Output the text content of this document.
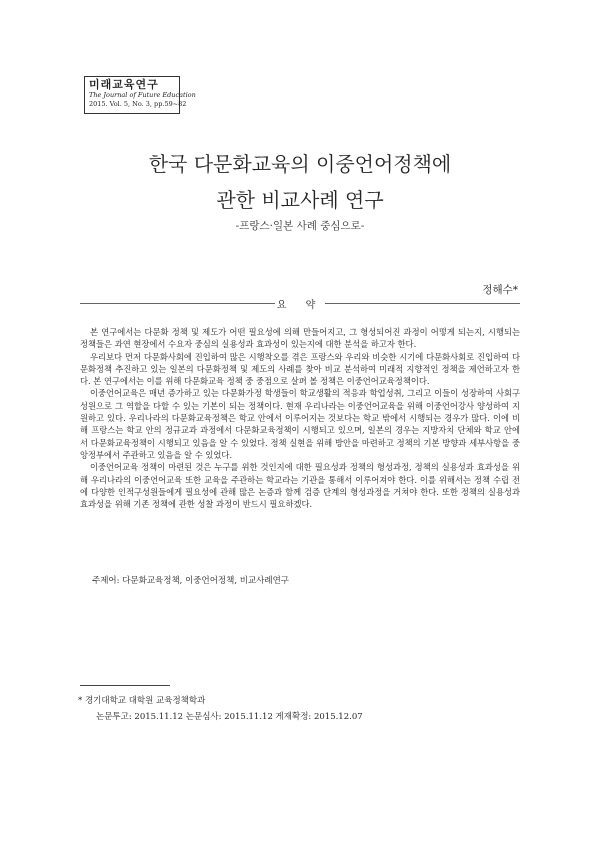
미래교육연구
The Journal of Future Education
2015. Vol. 5, No. 3, pp.59~82
한국 다문화교육의 이중언어정책에
관한 비교사례 연구
-프랑스·일본 사례 중심으로-
정해수*
요 약

본 연구에서는 다문화 정책 및 제도가 어떤 필요성에 의해 만들어지고, 그 형성되어진 과정이 어떻게 되는지, 시행되는 정책들은 과연 현장에서 수요자 중심의 실용성과 효과성이 있는지에 대한 분석을 하고자 한다.

우리보다 먼저 다문화사회에 진입하여 많은 시행착오를 겪은 프랑스와 우리와 비슷한 시기에 다문화사회로 진입하여 다문화정책 추진하고 있는 일본의 다문화정책 및 제도의 사례를 찾아 비교 분석하여 미래적 지향적인 정책을 제언하고자 한다. 본 연구에서는 이를 위해 다문화교육 정책 중 중점으로 살펴 볼 정책은 이중언어교육정책이다.

이중언어교육은 매년 증가하고 있는 다문화가정 학생들이 학교생활의 적응과 학업성취, 그리고 이들이 성장하여 사회구성원으로 그 역할을 다할 수 있는 기본이 되는 정책이다. 현재 우리나라는 이중언어교육을 위해 이중언어강사 양성하여 지원하고 있다. 우리나라의 다문화교육정책은 학교 안에서 이루어지는 것보다는 학교 밖에서 시행되는 경우가 많다. 이에 비해 프랑스는 학교 안의 정규교과 과정에서 다문화교육정책이 시행되고 있으며, 일본의 경우는 지방자치 단체와 학교 안에서 다문화교육정책이 시행되고 있음을 알 수 있었다. 정책 실현을 위해 방안을 마련하고 정책의 기본 방향과 세부사항을 중앙정부에서 주관하고 있음을 알 수 있었다.

이중언어교육 정책이 마련된 것은 누구를 위한 것인지에 대한 필요성과 정책의 형성과정, 정책의 실용성과 효과성을 위해 우리나라의 이중언어교육 또한 교육을 주관하는 학교라는 기관을 통해서 이루어져야 한다. 이를 위해서는 정책 수립 전에 다양한 인적구성원들에게 필요성에 관해 많은 논증과 함께 검증 단계의 형성과정을 거쳐야 한다. 또한 정책의 실용성과 효과성을 위해 기존 정책에 관한 성찰 과정이 반드시 필요하겠다.

주제어: 다문화교육정책, 이중언어정책, 비교사례연구
* 경기대학교 대학원 교육정책학과
논문투고: 2015.11.12 논문심사: 2015.11.12 게재확정: 2015.12.07
